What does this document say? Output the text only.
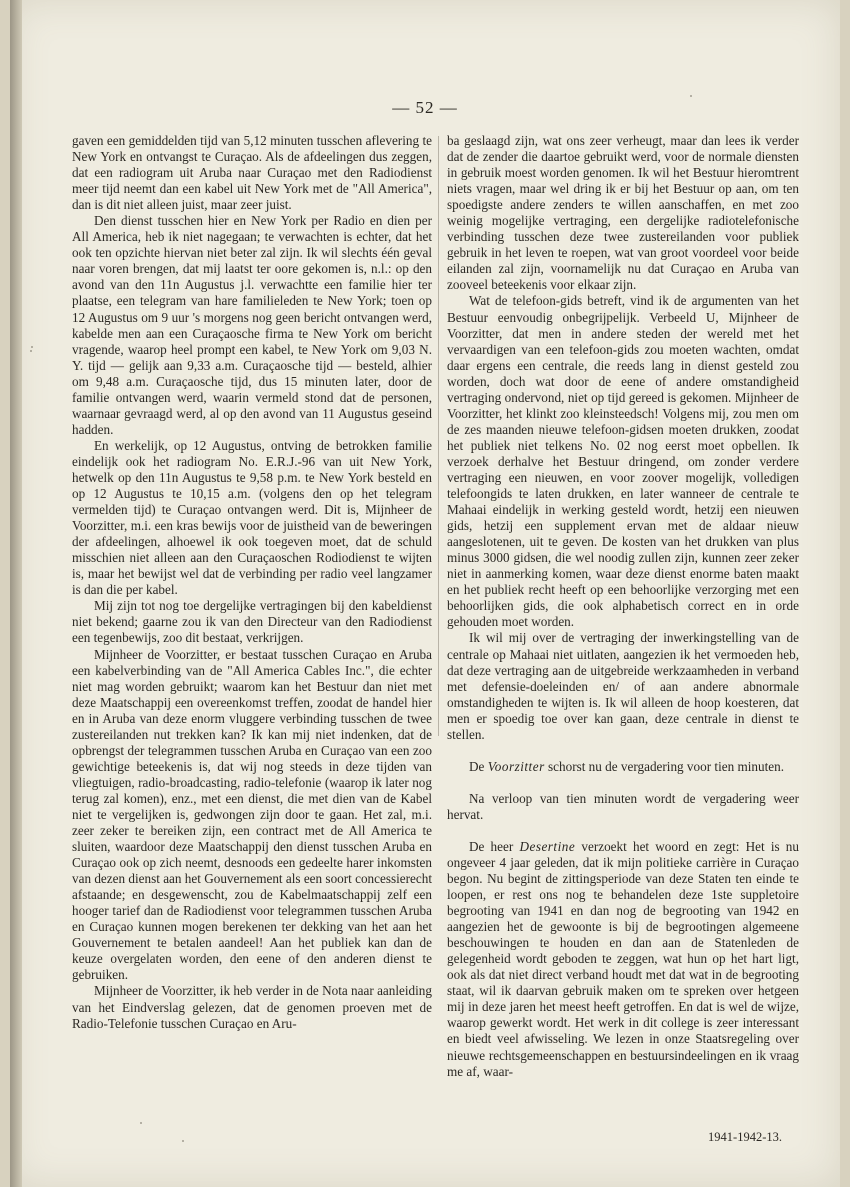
— 52 —

gaven een gemiddelden tijd van 5,12 minuten tusschen aflevering te New York en ontvangst te Curaçao. Als de afdeelingen dus zeggen, dat een radiogram uit Aruba naar Curaçao met den Radiodienst meer tijd neemt dan een kabel uit New York met de "All America", dan is dit niet alleen juist, maar zeer juist.

Den dienst tusschen hier en New York per Radio en dien per All America, heb ik niet nagegaan; te verwachten is echter, dat het ook ten opzichte hiervan niet beter zal zijn. Ik wil slechts één geval naar voren brengen, dat mij laatst ter oore gekomen is, n.l.: op den avond van den 11n Augustus j.l. verwachtte een familie hier ter plaatse, een telegram van hare familieleden te New York; toen op 12 Augustus om 9 uur 's morgens nog geen bericht ontvangen werd, kabelde men aan een Curaçaosche firma te New York om bericht vragende, waarop heel prompt een kabel, te New York om 9,03 N. Y. tijd — gelijk aan 9,33 a.m. Curaçaosche tijd — besteld, alhier om 9,48 a.m. Curaçaosche tijd, dus 15 minuten later, door de familie ontvangen werd, waarin vermeld stond dat de personen, waarnaar gevraagd werd, al op den avond van 11 Augustus geseind hadden.

En werkelijk, op 12 Augustus, ontving de betrokken familie eindelijk ook het radiogram No. E.R.J.-96 van uit New York, hetwelk op den 11n Augustus te 9,58 p.m. te New York besteld en op 12 Augustus te 10,15 a.m. (volgens den op het telegram vermelden tijd) te Curaçao ontvangen werd. Dit is, Mijnheer de Voorzitter, m.i. een kras bewijs voor de juistheid van de beweringen der afdeelingen, alhoewel ik ook toegeven moet, dat de schuld misschien niet alleen aan den Curaçaoschen Rodiodienst te wijten is, maar het bewijst wel dat de verbinding per radio veel langzamer is dan die per kabel.

Mij zijn tot nog toe dergelijke vertragingen bij den kabeldienst niet bekend; gaarne zou ik van den Directeur van den Radiodienst een tegenbewijs, zoo dit bestaat, verkrijgen.

Mijnheer de Voorzitter, er bestaat tusschen Curaçao en Aruba een kabelverbinding van de "All America Cables Inc.", die echter niet mag worden gebruikt; waarom kan het Bestuur dan niet met deze Maatschappij een overeenkomst treffen, zoodat de handel hier en in Aruba van deze enorm vluggere verbinding tusschen de twee zustereilanden nut trekken kan? Ik kan mij niet indenken, dat de opbrengst der telegrammen tusschen Aruba en Curaçao van een zoo gewichtige beteekenis is, dat wij nog steeds in deze tijden van vliegtuigen, radio-broadcasting, radio-telefonie (waarop ik later nog terug zal komen), enz., met een dienst, die met dien van de Kabel niet te vergelijken is, gedwongen zijn door te gaan. Het zal, m.i. zeer zeker te bereiken zijn, een contract met de All America te sluiten, waardoor deze Maatschappij den dienst tusschen Aruba en Curaçao ook op zich neemt, desnoods een gedeelte harer inkomsten van dezen dienst aan het Gouvernement als een soort concessierecht afstaande; en desgewenscht, zou de Kabelmaatschappij zelf een hooger tarief dan de Radiodienst voor telegrammen tusschen Aruba en Curaçao kunnen mogen berekenen ter dekking van het aan het Gouvernement te betalen aandeel! Aan het publiek kan dan de keuze overgelaten worden, den eene of den anderen dienst te gebruiken.

Mijnheer de Voorzitter, ik heb verder in de Nota naar aanleiding van het Eindverslag gelezen, dat de genomen proeven met de Radio-Telefonie tusschen Curaçao en Aru-

ba geslaagd zijn, wat ons zeer verheugt, maar dan lees ik verder dat de zender die daartoe gebruikt werd, voor de normale diensten in gebruik moest worden genomen. Ik wil het Bestuur hieromtrent niets vragen, maar wel dring ik er bij het Bestuur op aan, om ten spoedigste andere zenders te willen aanschaffen, en met zoo weinig mogelijke vertraging, een dergelijke radiotelefonische verbinding tusschen deze twee zustereilanden voor publiek gebruik in het leven te roepen, wat van groot voordeel voor beide eilanden zal zijn, voornamelijk nu dat Curaçao en Aruba van zooveel beteekenis voor elkaar zijn.

Wat de telefoon-gids betreft, vind ik de argumenten van het Bestuur eenvoudig onbegrijpelijk. Verbeeld U, Mijnheer de Voorzitter, dat men in andere steden der wereld met het vervaardigen van een telefoon-gids zou moeten wachten, omdat daar ergens een centrale, die reeds lang in dienst gesteld zou worden, doch wat door de eene of andere omstandigheid vertraging ondervond, niet op tijd gereed is gekomen. Mijnheer de Voorzitter, het klinkt zoo kleinsteedsch! Volgens mij, zou men om de zes maanden nieuwe telefoon-gidsen moeten drukken, zoodat het publiek niet telkens No. 02 nog eerst moet opbellen. Ik verzoek derhalve het Bestuur dringend, om zonder verdere vertraging een nieuwen, en voor zoover mogelijk, volledigen telefoongids te laten drukken, en later wanneer de centrale te Mahaai eindelijk in werking gesteld wordt, hetzij een nieuwen gids, hetzij een supplement ervan met de aldaar nieuw aangeslotenen, uit te geven. De kosten van het drukken van plus minus 3000 gidsen, die wel noodig zullen zijn, kunnen zeer zeker niet in aanmerking komen, waar deze dienst enorme baten maakt en het publiek recht heeft op een behoorlijke verzorging met een behoorlijken gids, die ook alphabetisch correct en in orde gehouden moet worden.

Ik wil mij over de vertraging der inwerkingstelling van de centrale op Mahaai niet uitlaten, aangezien ik het vermoeden heb, dat deze vertraging aan de uitgebreide werkzaamheden in verband met defensie-doeleinden en/ of aan andere abnormale omstandigheden te wijten is. Ik wil alleen de hoop koesteren, dat men er spoedig toe over kan gaan, deze centrale in dienst te stellen.

De Voorzitter schorst nu de vergadering voor tien minuten.

Na verloop van tien minuten wordt de vergadering weer hervat.

De heer Desertine verzoekt het woord en zegt: Het is nu ongeveer 4 jaar geleden, dat ik mijn politieke carrière in Curaçao begon. Nu begint de zittingsperiode van deze Staten ten einde te loopen, er rest ons nog te behandelen deze 1ste suppletoire begrooting van 1941 en dan nog de begrooting van 1942 en aangezien het de gewoonte is bij de begrootingen algemeene beschouwingen te houden en dan aan de Statenleden de gelegenheid wordt geboden te zeggen, wat hun op het hart ligt, ook als dat niet direct verband houdt met dat wat in de begrooting staat, wil ik daarvan gebruik maken om te spreken over hetgeen mij in deze jaren het meest heeft getroffen. En dat is wel de wijze, waarop gewerkt wordt. Het werk in dit college is zeer interessant en biedt veel afwisseling. We lezen in onze Staatsregeling over nieuwe rechtsgemeenschappen en bestuursindeelingen en ik vraag me af, waar-

1941-1942-13.
